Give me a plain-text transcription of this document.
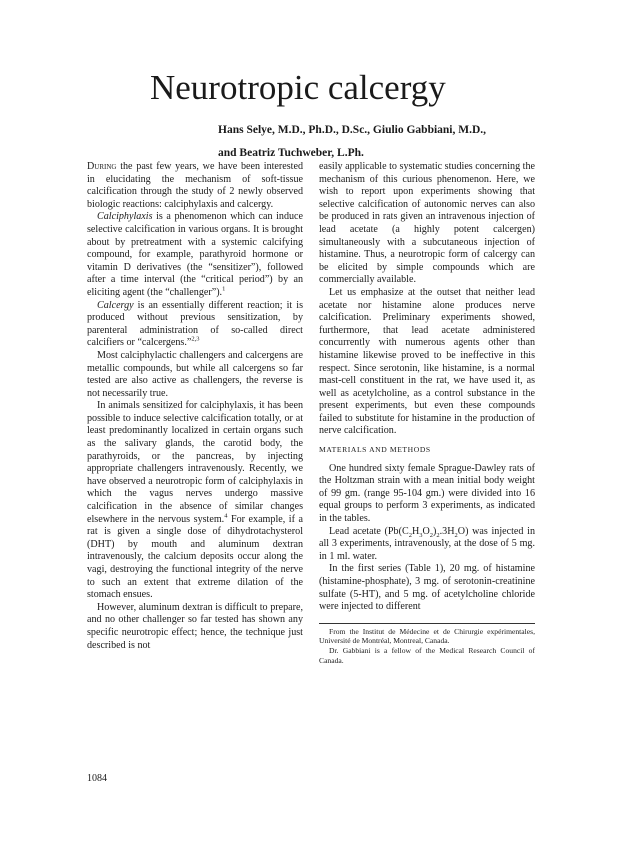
Neurotropic calcergy

Hans Selye, M.D., Ph.D., D.Sc., Giulio Gabbiani, M.D.,

and Beatriz Tuchweber, L.Ph.

During the past few years, we have been interested in elucidating the mechanism of soft-tissue calcification through the study of 2 newly observed biologic reactions: calciphylaxis and calcergy.

Calciphylaxis is a phenomenon which can induce selective calcification in various organs. It is brought about by pretreatment with a systemic calcifying compound, for example, parathyroid hormone or vitamin D derivatives (the “sensitizer”), followed after a time interval (the “critical period”) by an eliciting agent (the “challenger”).$^1$

Calcergy is an essentially different reaction; it is produced without previous sensitization, by parenteral administration of so-called direct calcifiers or “calcergens.”$^{2,3}$

Most calciphylactic challengers and calcergens are metallic compounds, but while all calcergens so far tested are also active as challengers, the reverse is not necessarily true.

In animals sensitized for calciphylaxis, it has been possible to induce selective calcification totally, or at least predominantly localized in certain organs such as the salivary glands, the carotid body, the parathyroids, or the pancreas, by injecting appropriate challengers intravenously. Recently, we have observed a neurotropic form of calciphylaxis in which the vagus nerves undergo massive calcification in the absence of similar changes elsewhere in the nervous system.$^4$ For example, if a rat is given a single dose of dihydrotachysterol (DHT) by mouth and aluminum dextran intravenously, the calcium deposits occur along the vagi, destroying the functional integrity of the nerve to such an extent that extreme dilation of the stomach ensues.

However, aluminum dextran is difficult to prepare, and no other challenger so far tested has shown any specific neurotropic effect; hence, the technique just described is not

easily applicable to systematic studies concerning the mechanism of this curious phenomenon. Here, we wish to report upon experiments showing that selective calcification of autonomic nerves can also be produced in rats given an intravenous injection of lead acetate (a highly potent calcergen) simultaneously with a subcutaneous injection of histamine. Thus, a neurotropic form of calcergy can be elicited by simple compounds which are commercially available.

Let us emphasize at the outset that neither lead acetate nor histamine alone produces nerve calcification. Preliminary experiments showed, furthermore, that lead acetate administered concurrently with numerous agents other than histamine likewise proved to be ineffective in this respect. Since serotonin, like histamine, is a normal mast-cell constituent in the rat, we have used it, as well as acetylcholine, as a control substance in the present experiments, but even these compounds failed to substitute for histamine in the production of nerve calcification.

MATERIALS AND METHODS

One hundred sixty female Sprague-Dawley rats of the Holtzman strain with a mean initial body weight of 99 gm. (range 95-104 gm.) were divided into 16 equal groups to perform 3 experiments, as indicated in the tables.

Lead acetate $(Pb(C_2H_3O_2)_2.3H_2O)$ was injected in all 3 experiments, intravenously, at the dose of 5 mg. in 1 ml. water.

In the first series (Table 1), 20 mg. of histamine (histamine-phosphate), 3 mg. of serotonin-creatinine sulfate (5-HT), and 5 mg. of acetylcholine chloride were injected to different

From the Institut de Médecine et de Chirurgie expérimentales, Université de Montréal, Montreal, Canada.

Dr. Gabbiani is a fellow of the Medical Research Council of Canada.

1084
